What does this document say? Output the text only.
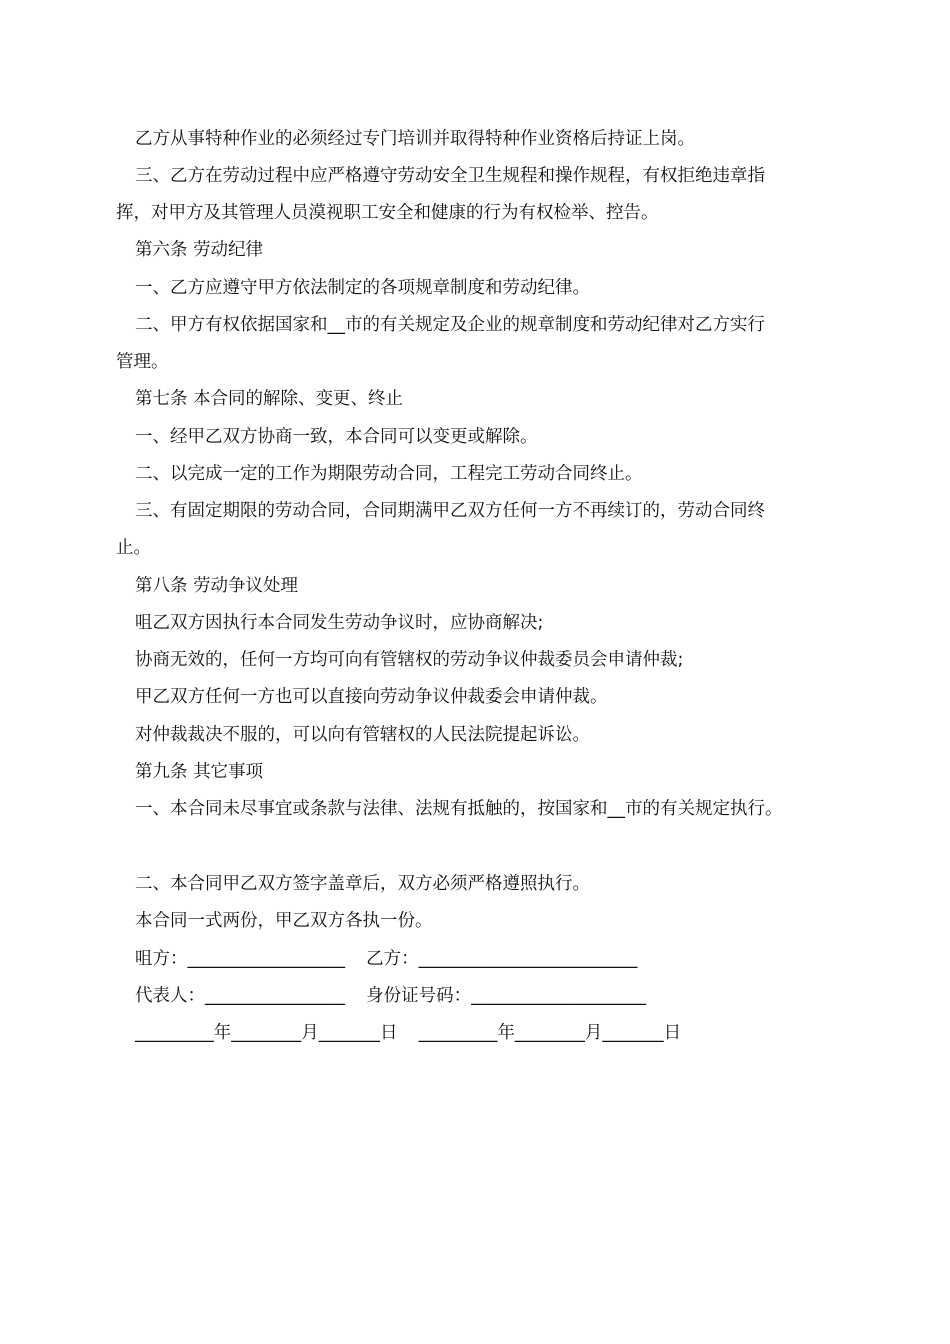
乙方从事特种作业的必须经过专门培训并取得特种作业资格后持证上岗。
三、乙方在劳动过程中应严格遵守劳动安全卫生规程和操作规程，有权拒绝违章指
挥，对甲方及其管理人员漠视职工安全和健康的行为有权检举、控告。
第六条 劳动纪律
一、乙方应遵守甲方依法制定的各项规章制度和劳动纪律。
二、甲方有权依据国家和__市的有关规定及企业的规章制度和劳动纪律对乙方实行
管理。
第七条 本合同的解除、变更、终止
一、经甲乙双方协商一致，本合同可以变更或解除。
二、以完成一定的工作为期限劳动合同，工程完工劳动合同终止。
三、有固定期限的劳动合同，合同期满甲乙双方任何一方不再续订的，劳动合同终
止。
第八条 劳动争议处理
咀乙双方因执行本合同发生劳动争议时，应协商解决;
协商无效的，任何一方均可向有管辖权的劳动争议仲裁委员会申请仲裁;
甲乙双方任何一方也可以直接向劳动争议仲裁委会申请仲裁。
对仲裁裁决不服的，可以向有管辖权的人民法院提起诉讼。
第九条 其它事项
一、本合同未尽事宜或条款与法律、法规有抵触的，按国家和__市的有关规定执行。
二、本合同甲乙双方签字盖章后，双方必须严格遵照执行。
本合同一式两份，甲乙双方各执一份。
咀方：__________________ 乙方：_________________________
代表人：________________ 身份证号码：____________________
_________年________月_______日 _________年________月_______日
